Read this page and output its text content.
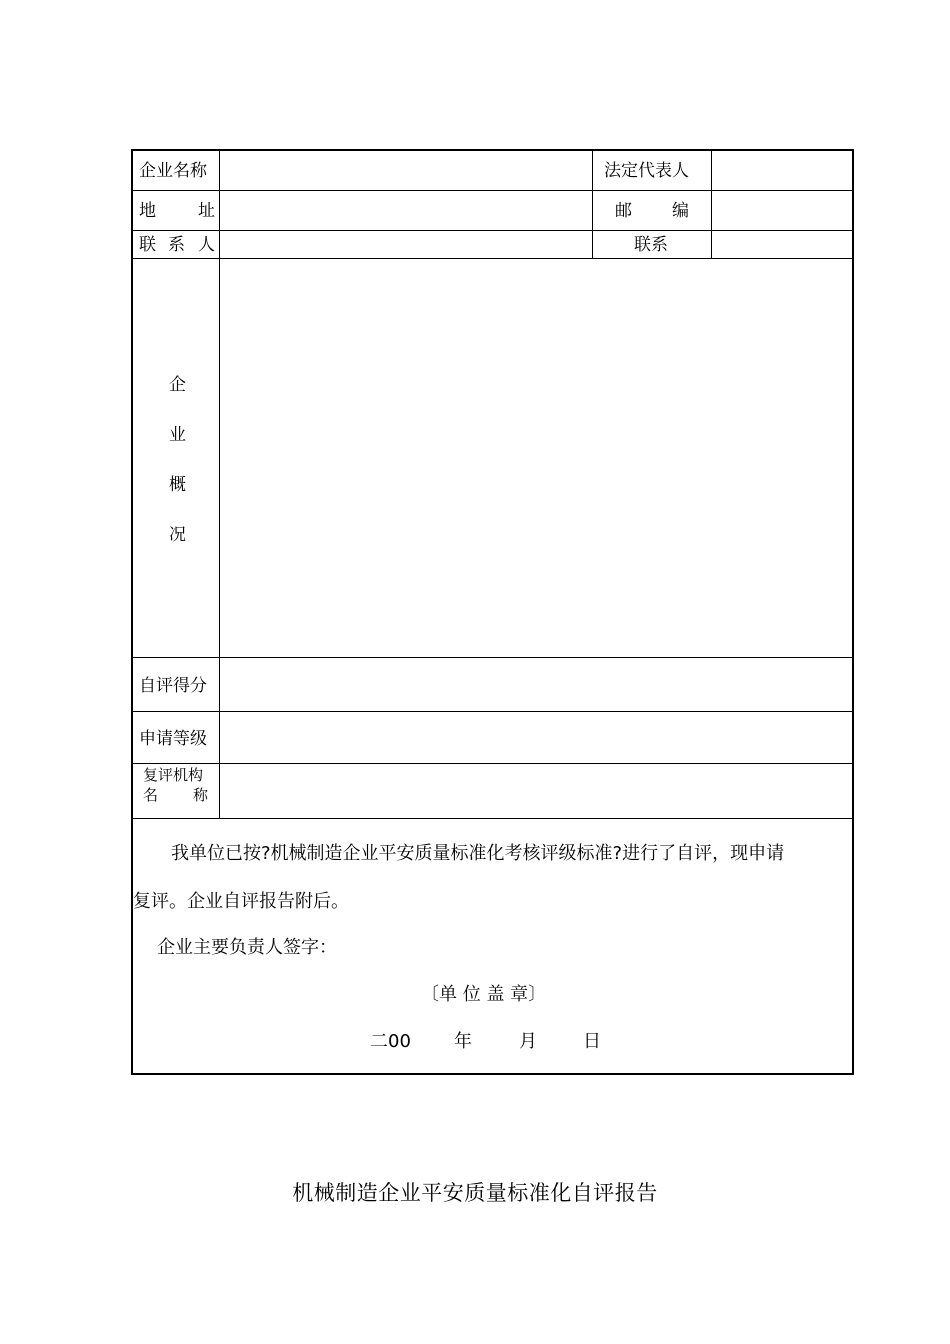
企业名称	法定代表人
地 址	邮 编
联 系 人	联系
企
业
概
况
自评得分
申请等级
复评机构
名 称
我单位已按?机械制造企业平安质量标准化考核评级标准?进行了自评，现申请
复评。企业自评报告附后。
企业主要负责人签字：
〔单 位 盖 章〕
二00 年	月	日
机械制造企业平安质量标准化自评报告
